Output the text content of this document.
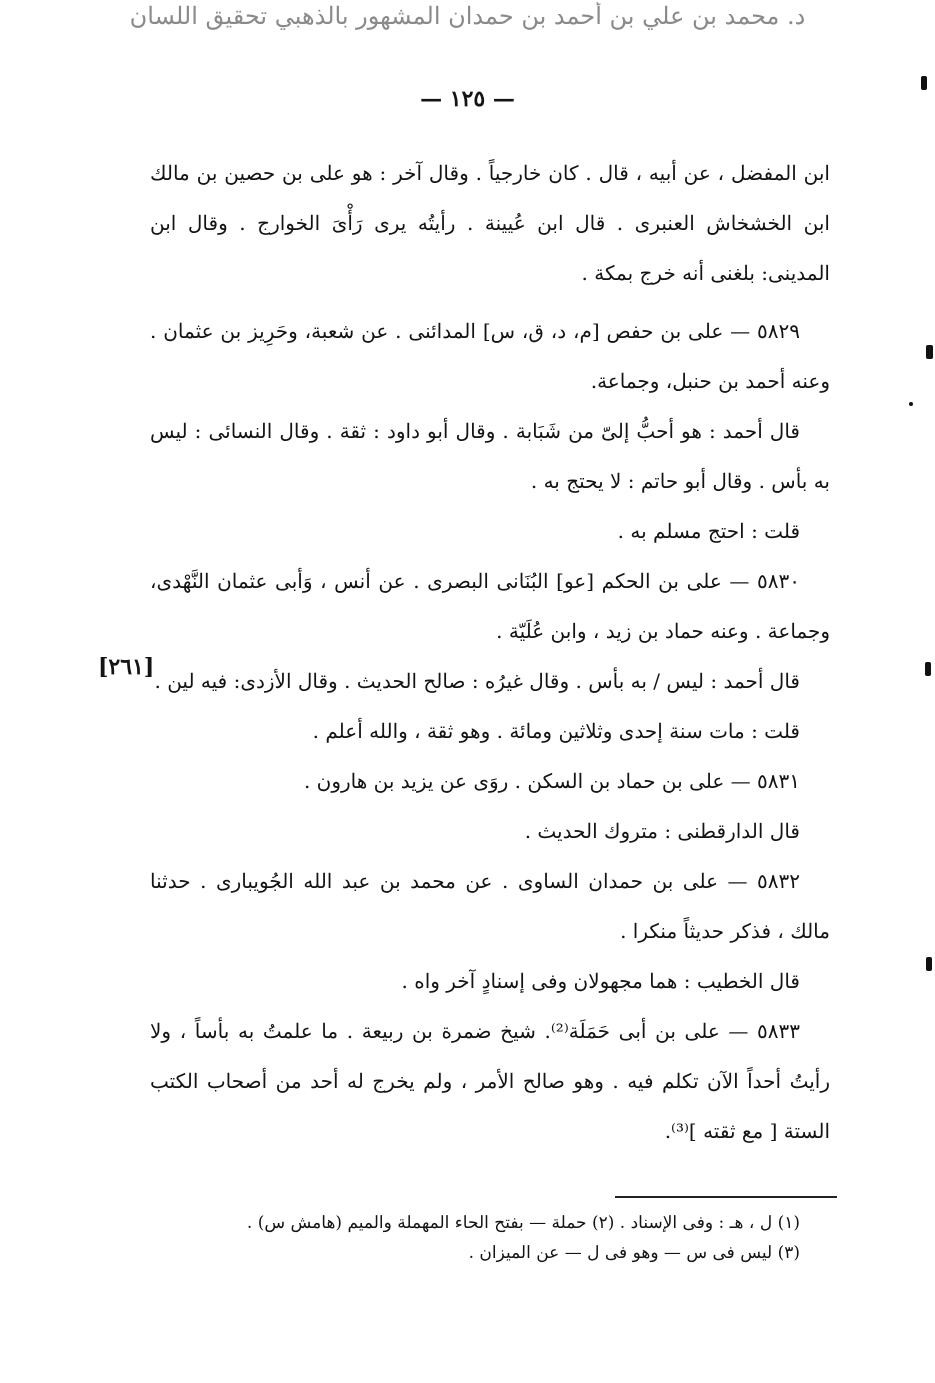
د. محمد بن علي بن أحمد بن حمدان المشهور بالذهبي تحقيق اللسان
— ١٢٥ —
[٢٦١]

ابن المفضل ، عن أبيه ، قال . كان خارجياً . وقال آخر : هو على بن حصين بن مالك ابن الخشخاش العنبرى . قال ابن عُيينة . رأيتُه يرى رَأْىَ الخوارج . وقال ابن المدينى: بلغنى أنه خرج بمكة .

٥٨٢٩ — على بن حفص [م، د، ق، س] المدائنى . عن شعبة، وحَرِيز بن عثمان . وعنه أحمد بن حنبل، وجماعة.

قال أحمد : هو أحبُّ إلىّ من شَبَابة . وقال أبو داود : ثقة . وقال النسائى : ليس به بأس . وقال أبو حاتم : لا يحتج به .

قلت : احتج مسلم به .

٥٨٣٠ — على بن الحكم [عو] البُنَانى البصرى . عن أنس ، وَأبى عثمان النَّهْدى، وجماعة . وعنه حماد بن زيد ، وابن عُلَيّة .

قال أحمد : ليس / به بأس . وقال غيرُه : صالح الحديث . وقال الأزدى: فيه لين .

قلت : مات سنة إحدى وثلاثين ومائة . وهو ثقة ، والله أعلم .

٥٨٣١ — على بن حماد بن السكن . روَى عن يزيد بن هارون .

قال الدارقطنى : متروك الحديث .

٥٨٣٢ — على بن حمدان الساوى . عن محمد بن عبد الله الجُويبارى . حدثنا مالك ، فذكر حديثاً منكرا .

قال الخطيب : هما مجهولان وفى إسنادٍ آخر واه .

٥٨٣٣ — على بن أبى حَمَلَة⁽²⁾. شيخ ضمرة بن ربيعة . ما علمتُ به بأساً ، ولا رأيتُ أحداً الآن تكلم فيه . وهو صالح الأمر ، ولم يخرج له أحد من أصحاب الكتب الستة [ مع ثقته ]⁽³⁾.

(١) ل ، هـ : وفى الإسناد . (٢) حملة — بفتح الحاء المهملة والميم (هامش س) .

(٣) ليس فى س — وهو فى ل — عن الميزان .
